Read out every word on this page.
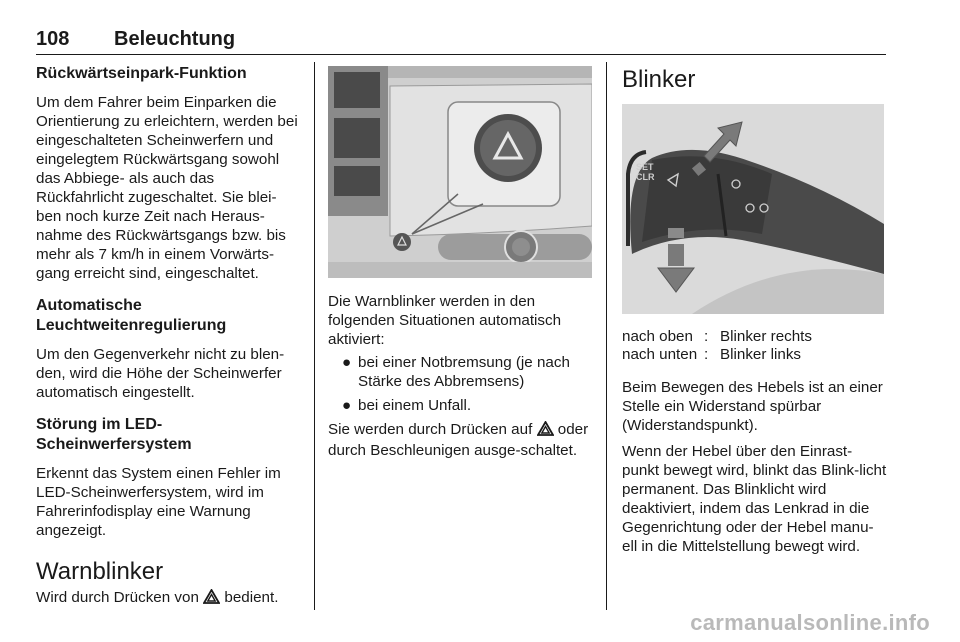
108 Beleuchtung
Rückwärtseinpark-Funktion

Um dem Fahrer beim Einparken die Orientierung zu erleichtern, werden bei eingeschalteten Scheinwerfern und eingelegtem Rückwärtsgang sowohl das Abbiege- als auch das Rückfahrlicht zugeschaltet. Sie blei-ben noch kurze Zeit nach Heraus-nahme des Rückwärtsgangs bzw. bis mehr als 7 km/h in einem Vorwärts-gang erreicht sind, eingeschaltet.

Automatische
Leuchtweitenregulierung

Um den Gegenverkehr nicht zu blen-den, wird die Höhe der Scheinwerfer automatisch eingestellt.

Störung im LED-
Scheinwerfersystem

Erkennt das System einen Fehler im LED-Scheinwerfersystem, wird im Fahrerinfodisplay eine Warnung angezeigt.

Warnblinker

Wird durch Drücken von bedient.

Die Warnblinker werden in den folgenden Situationen automatisch aktiviert:

● bei einer Notbremsung (je nach Stärke des Abbremsens)
● bei einem Unfall.

Sie werden durch Drücken auf oder durch Beschleunigen ausge-schaltet.

Blinker
SET
CLR
nach oben	:	Blinker rechts
nach unten	:	Blinker links

Beim Bewegen des Hebels ist an einer Stelle ein Widerstand spürbar (Widerstandspunkt).

Wenn der Hebel über den Einrast-punkt bewegt wird, blinkt das Blink-licht permanent. Das Blinklicht wird deaktiviert, indem das Lenkrad in die Gegenrichtung oder der Hebel manu-ell in die Mittelstellung bewegt wird.

carmanualsonline.info
